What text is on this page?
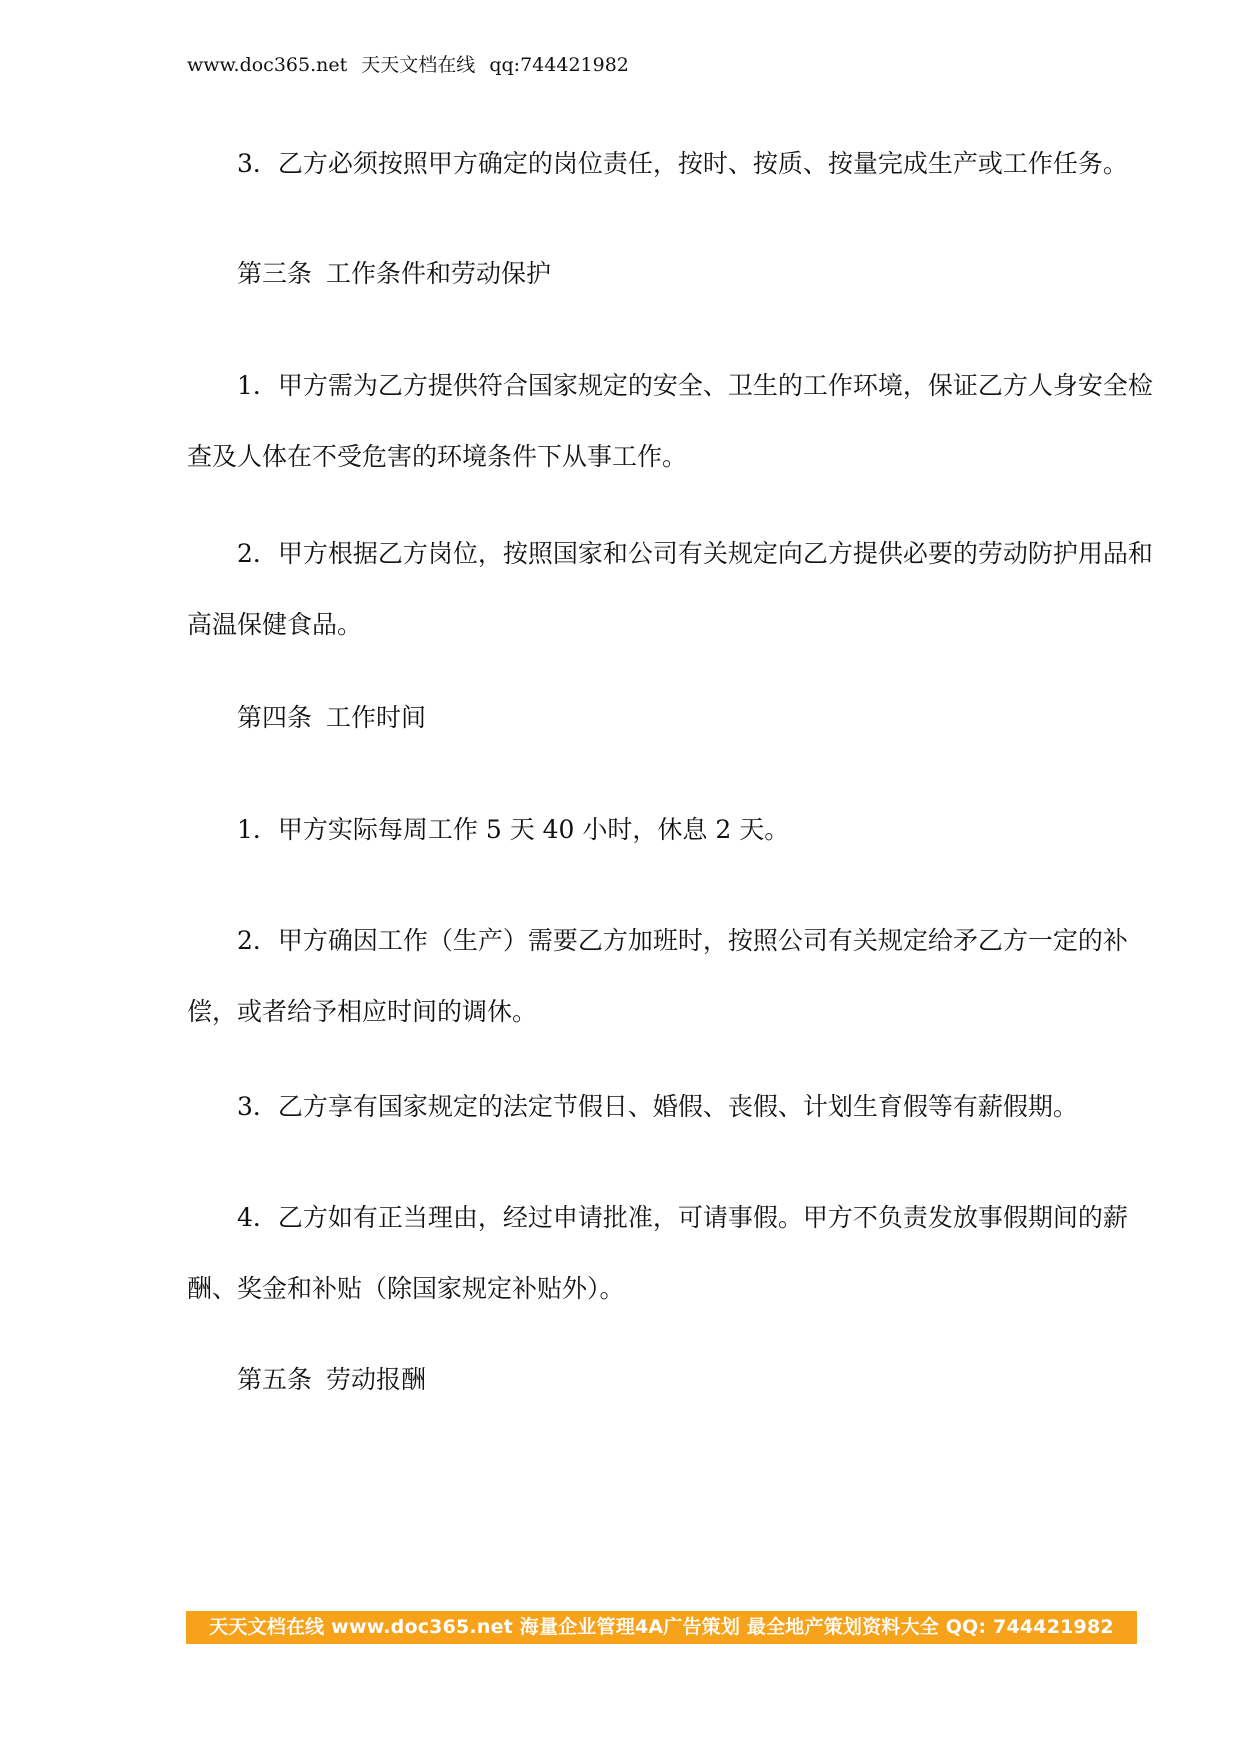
www.doc365.net 天天文档在线 qq:744421982

3．乙方必须按照甲方确定的岗位责任，按时、按质、按量完成生产或工作任务。

第三条 工作条件和劳动保护

1．甲方需为乙方提供符合国家规定的安全、卫生的工作环境，保证乙方人身安全检查及人体在不受危害的环境条件下从事工作。

2．甲方根据乙方岗位，按照国家和公司有关规定向乙方提供必要的劳动防护用品和高温保健食品。

第四条 工作时间

1．甲方实际每周工作 5 天 40 小时，休息 2 天。

2．甲方确因工作（生产）需要乙方加班时，按照公司有关规定给矛乙方一定的补偿，或者给予相应时间的调休。

3．乙方享有国家规定的法定节假日、婚假、丧假、计划生育假等有薪假期。

4．乙方如有正当理由，经过申请批准，可请事假。甲方不负责发放事假期间的薪酬、奖金和补贴（除国家规定补贴外）。

第五条 劳动报酬
天天文档在线 www.doc365.net 海量企业管理4A广告策划 最全地产策划资料大全 QQ: 744421982
